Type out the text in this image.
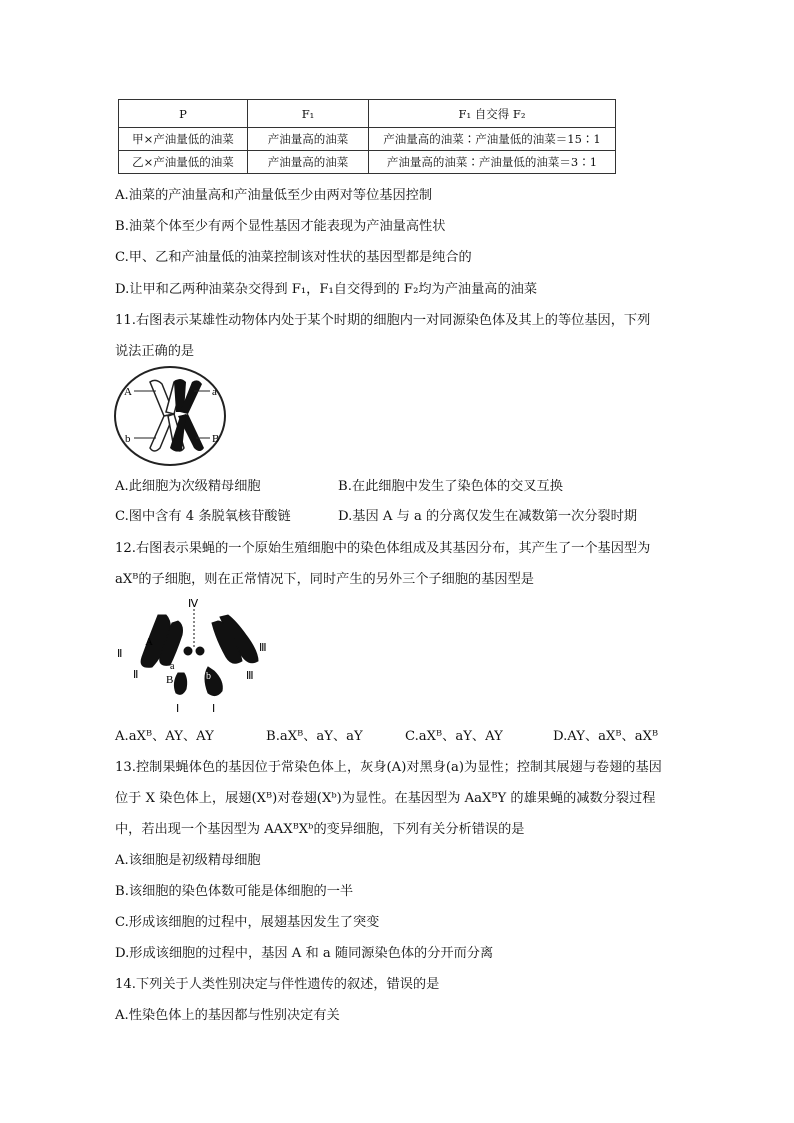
P	F₁	F₁ 自交得 F₂
甲×产油量低的油菜	产油量高的油菜	产油量高的油菜∶产油量低的油菜＝15∶1
乙×产油量低的油菜	产油量高的油菜	产油量高的油菜∶产油量低的油菜＝3∶1
A.油菜的产油量高和产油量低至少由两对等位基因控制
B.油菜个体至少有两个显性基因才能表现为产油量高性状
C.甲、乙和产油量低的油菜控制该对性状的基因型都是纯合的
D.让甲和乙两种油菜杂交得到 F₁，F₁自交得到的 F₂均为产油量高的油菜
11.右图表示某雄性动物体内处于某个时期的细胞内一对同源染色体及其上的等位基因，下列
说法正确的是
A
b
a
B
A.此细胞为次级精母细胞	B.在此细胞中发生了染色体的交叉互换
C.图中含有 4 条脱氧核苷酸链	D.基因 A 与 a 的分离仅发生在减数第一次分裂时期
12.右图表示果蝇的一个原始生殖细胞中的染色体组成及其基因分布，其产生了一个基因型为
aXᴮ的子细胞，则在正常情况下，同时产生的另外三个子细胞的基因型是
Ⅳ
A
Ⅱ
Ⅱ
a
B	b
Ⅲ
Ⅲ
Ⅰ	Ⅰ
A.aXᴮ、AY、AY	B.aXᴮ、aY、aY	C.aXᴮ、aY、AY	D.AY、aXᴮ、aXᴮ
13.控制果蝇体色的基因位于常染色体上，灰身(A)对黑身(a)为显性；控制其展翅与卷翅的基因
位于 X 染色体上，展翅(Xᴮ)对卷翅(Xᵇ)为显性。在基因型为 AaXᴮY 的雄果蝇的减数分裂过程
中，若出现一个基因型为 AAXᴮXᵇ的变异细胞，下列有关分析错误的是
A.该细胞是初级精母细胞
B.该细胞的染色体数可能是体细胞的一半
C.形成该细胞的过程中，展翅基因发生了突变
D.形成该细胞的过程中，基因 A 和 a 随同源染色体的分开而分离
14.下列关于人类性别决定与伴性遗传的叙述，错误的是
A.性染色体上的基因都与性别决定有关
